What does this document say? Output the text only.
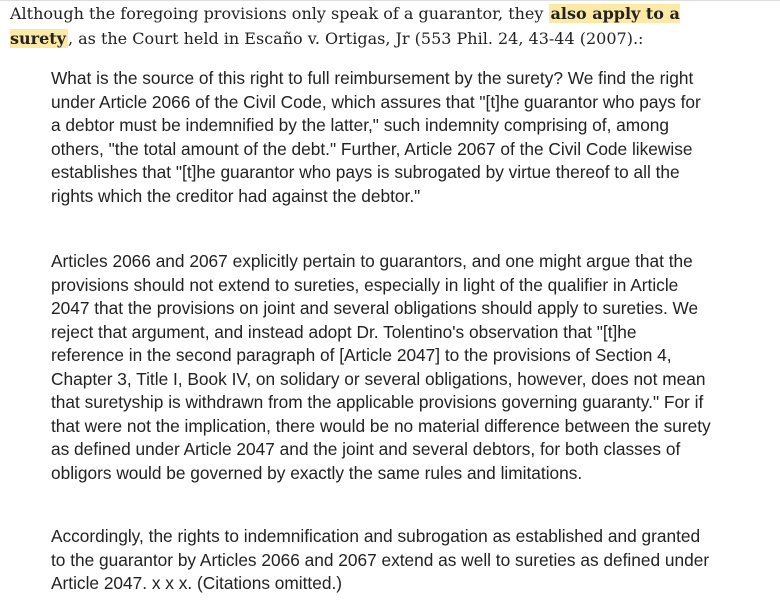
Although the foregoing provisions only speak of a guarantor, they also apply to a surety , as the Court held in Escaño v. Ortigas, Jr (553 Phil. 24, 43-44 (2007).:

What is the source of this right to full reimbursement by the surety? We find the right under Article 2066 of the Civil Code, which assures that "[t]he guarantor who pays for a debtor must be indemnified by the latter," such indemnity comprising of, among others, "the total amount of the debt." Further, Article 2067 of the Civil Code likewise establishes that "[t]he guarantor who pays is subrogated by virtue thereof to all the rights which the creditor had against the debtor."

Articles 2066 and 2067 explicitly pertain to guarantors, and one might argue that the provisions should not extend to sureties, especially in light of the qualifier in Article 2047 that the provisions on joint and several obligations should apply to sureties. We reject that argument, and instead adopt Dr. Tolentino's observation that "[t]he reference in the second paragraph of [Article 2047] to the provisions of Section 4, Chapter 3, Title I, Book IV, on solidary or several obligations, however, does not mean that suretyship is withdrawn from the applicable provisions governing guaranty." For if that were not the implication, there would be no material difference between the surety as defined under Article 2047 and the joint and several debtors, for both classes of obligors would be governed by exactly the same rules and limitations.

Accordingly, the rights to indemnification and subrogation as established and granted to the guarantor by Articles 2066 and 2067 extend as well to sureties as defined under Article 2047. x x x. (Citations omitted.)
